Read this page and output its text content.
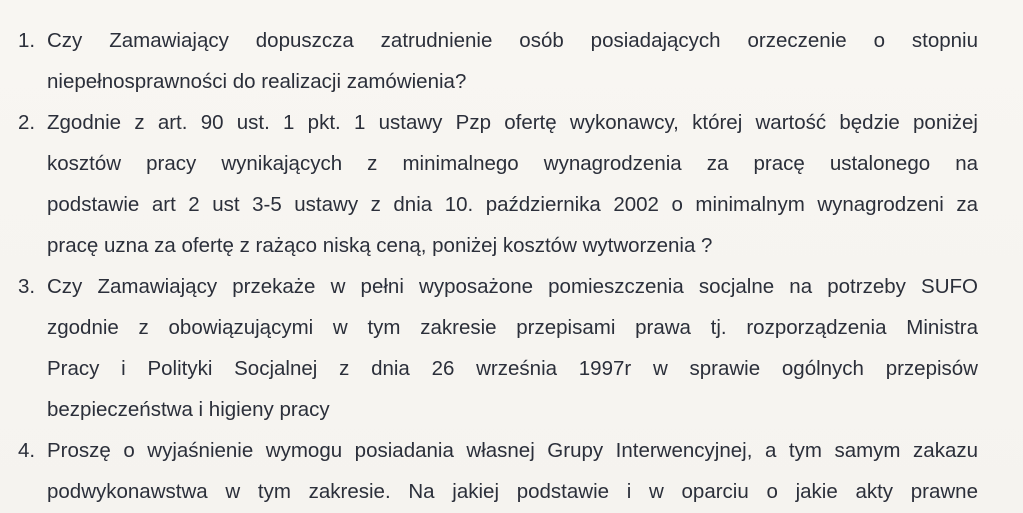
1. Czy Zamawiający dopuszcza zatrudnienie osób posiadających orzeczenie o stopniu
niepełnosprawności do realizacji zamówienia?
2. Zgodnie z art. 90 ust. 1 pkt. 1 ustawy Pzp ofertę wykonawcy, której wartość będzie poniżej
kosztów pracy wynikających z minimalnego wynagrodzenia za pracę ustalonego na
podstawie art 2 ust 3-5 ustawy z dnia 10. października 2002 o minimalnym wynagrodzeni za
pracę uzna za ofertę z rażąco niską ceną, poniżej kosztów wytworzenia ?
3. Czy Zamawiający przekaże w pełni wyposażone pomieszczenia socjalne na potrzeby SUFO
zgodnie z obowiązującymi w tym zakresie przepisami prawa tj. rozporządzenia Ministra
Pracy i Polityki Socjalnej z dnia 26 września 1997r w sprawie ogólnych przepisów
bezpieczeństwa i higieny pracy
4. Proszę o wyjaśnienie wymogu posiadania własnej Grupy Interwencyjnej, a tym samym zakazu
podwykonawstwa w tym zakresie. Na jakiej podstawie i w oparciu o jakie akty prawne
